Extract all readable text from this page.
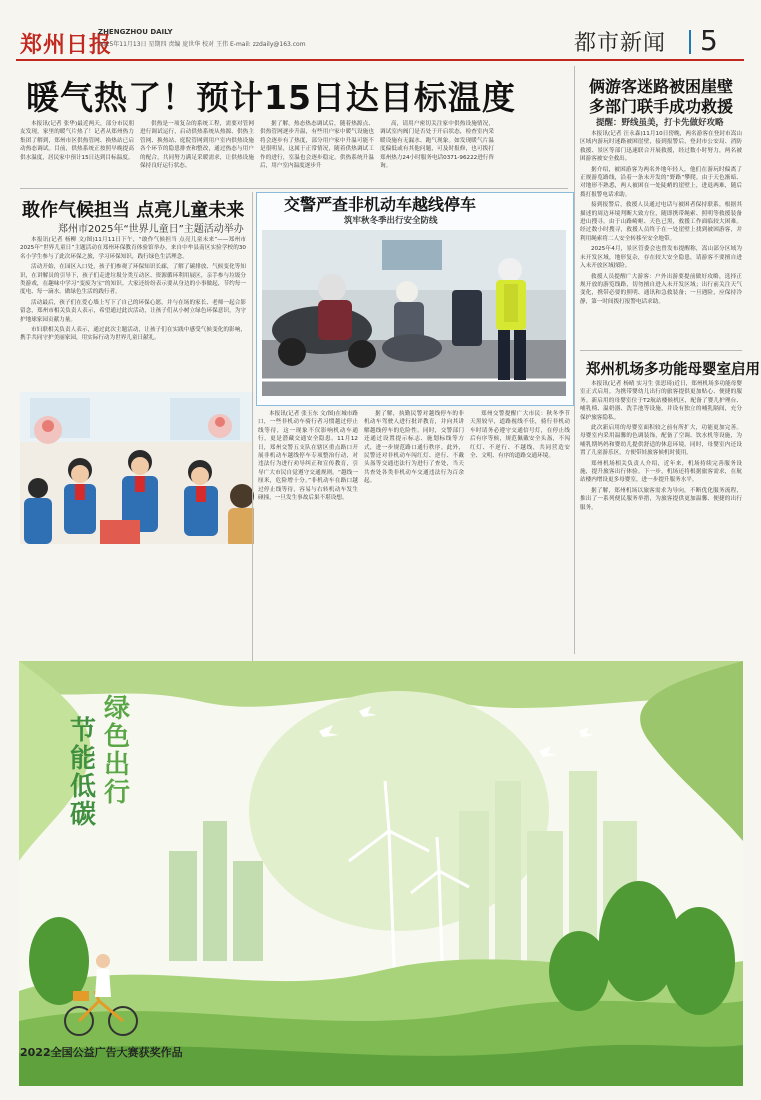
郑州日报
ZHENGZHOU DAILY
2025年11月13日 星期四 责编 庞世华 校对 王伟 E-mail: zzdaily@163.com	都市新闻 5
暖气热了！预计15日达目标温度

本报讯(记者 张华)最近两天，部分市民朋友发现，家里的暖气片热了！记者从郑州热力集团了解到，郑州市区供热管网、换热站已启动热态调试。目前，供热系统正按照早晚提高供水温度，居民家中预计15日达到目标温度。

供热是一项复杂的系统工程，需要对管网进行调试运行，启动供热系统从热源、供热主管网、换热站、庭院管网到用户室内供热设施各个环节的隐患排查和整改，通过热态与用户的配合，共同努力满足采暖需求，让供热设施保持良好运行状态。

据了解，热态热态调试后，随着热源点、供热管网逐步升温，有些用户家中暖气设施也将会逐步有了热度，部分用户家中升温可能不是很明显，这属于正常情况，随着供热调试工作的进行，室温也会逐步稳定。供热系统升温后，用户室内温度逐步升

高，请用户密切关注家中供热设施情况，调试室内阀门是否处于开启状态，检查室内采暖设施有无漏水、跑气现象。如发现暖气片温度偏低或有其他问题，可及时报修，也可拨打郑州热力24小时服务电话0371-96222进行咨询。

敢作气候担当 点亮儿童未来
郑州市2025年“世界儿童日”主题活动举办

本报讯(记者 杨柳 文/图)11月11日下午，“敢作气候担当 点亮儿童未来”——郑州市2025年“世界儿童日”主题活动在郑州环保教育体验馆举办，来自中牟县南区实验学校的30名小学生参与了此次环保之旅，学习环保知识，践行绿色生活理念。

活动开始，在园区入口处，孩子们参观了环保知识长廊，了解了碳排放、气候变化等知识，在讲解员的引导下，孩子们走进垃圾分类互动区、资源循环利用展区，亲手参与垃圾分类游戏，在趣味中学习“变废为宝”的知识。大家还纷纷表示要从身边的小事做起，节约每一度电、每一滴水，做绿色生活的践行者。

活动最后，孩子们在爱心墙上写下了自己的环保心愿，并与在场的家长、老师一起合影留念，郑州市相关负责人表示，希望通过此次活动，让孩子们从小树立绿色环保意识，为守护地球家园贡献力量。

市妇联相关负责人表示，通过此次主题活动，让孩子们在实践中感受气候变化的影响，携手共同守护美丽家园，用实际行动为世界儿童日献礼。

交警严查非机动车越线停车
筑牢秋冬季出行安全防线

本报讯(记者 张玉东 文/图)在城市路口，一些非机动车骑行者习惯越过停止线等待，这一现象不仅影响机动车通行，更是潜藏交通安全隐患。11月12日，郑州交警五支队在辖区重点路口开展非机动车越线停车专项整治行动，对违法行为进行劝导纠正和宣传教育，引导广大市民自觉遵守交通规则。“越线一厘米，危险增十分。”非机动车在路口越过停止线等待，容易与右转机动车发生碰撞，一旦发生事故后果不堪设想。

据了解，执勤民警对越线停车的非机动车驾驶人进行批评教育，并向其讲解越线停车的危险性。同时，交警部门还通过设置提示标志、施划标线等方式，进一步规范路口通行秩序。此外，民警还对非机动车闯红灯、逆行、不戴头盔等交通违法行为进行了查处，当天共查处各类非机动车交通违法行为百余起。

郑州交警提醒广大市民：秋冬季节天黑较早，道路视线不佳，骑行非机动车时请务必遵守交通信号灯，在停止线后有序等候，规范佩戴安全头盔，不闯红灯、不逆行、不越线，共同营造安全、文明、有序的道路交通环境。

俩游客迷路被困崖壁
多部门联手成功救援
提醒：野线虽美，打卡先做好攻略

本报讯(记者 汪永森)11月10日傍晚，两名游客在登封市嵩山区域内游玩时迷路被困崖壁，接到报警后，登封市公安局、消防救援、景区等部门迅速联合开展救援，经过数小时努力，两名被困游客被安全救出。

据介绍，被困游客为两名外地年轻人，他们在游玩时偏离了正规游览路线，沿着一条未开发的“野路”攀爬，由于天色渐暗、对地形不熟悉，两人被困在一处陡峭的崖壁上，进退两难，随后拨打报警电话求助。

接到报警后，救援人员通过电话与被困者保持联系，根据其描述的周边环境判断大致方位，随即携带绳索、照明等救援装备进山搜寻。由于山路崎岖、天色已黑，救援工作面临较大困难。经过数小时搜寻，救援人员终于在一处崖壁上找到被困游客，并利用绳索将二人安全转移至安全地带。

2025年4月，景区管委会也曾发布提醒称，嵩山部分区域为未开发区域，地形复杂，存在较大安全隐患，请游客不要擅自进入未开放区域探险。

救援人员提醒广大游客：户外出游要提前做好攻略，选择正规开放的游览线路，切勿擅自进入未开发区域；出行前关注天气变化，携带必要的照明、通讯和急救装备；一旦遇险，应保持冷静，第一时间拨打报警电话求助。

郑州机场多功能母婴室启用

本报讯(记者 杨晴 实习生 张思琦)近日，郑州机场多功能母婴室正式启用，为携带婴幼儿出行的旅客提供更加贴心、便捷的服务。新启用的母婴室位于T2航站楼候机区，配备了婴儿护理台、哺乳椅、温奶器、洗手池等设施，并设有独立的哺乳隔间，充分保护旅客隐私。

此次新启用的母婴室面积较之前有所扩大，功能更加完善。母婴室内采用温馨的色调装饰，配备了空调、饮水机等设施，为哺乳期妈妈和婴幼儿提供舒适的休息环境。同时，母婴室内还设置了儿童游乐区，方便带娃旅客候机时使用。

郑州机场相关负责人介绍，近年来，机场持续完善服务设施，提升旅客出行体验。下一步，机场还将根据旅客需求，在航站楼内增设更多母婴室，进一步提升服务水平。

据了解，郑州机场以旅客需求为导向，不断优化服务流程，推出了一系列便民服务举措，为旅客提供更加温馨、便捷的出行服务。

节能低碳
绿色出行
2022全国公益广告大赛获奖作品
